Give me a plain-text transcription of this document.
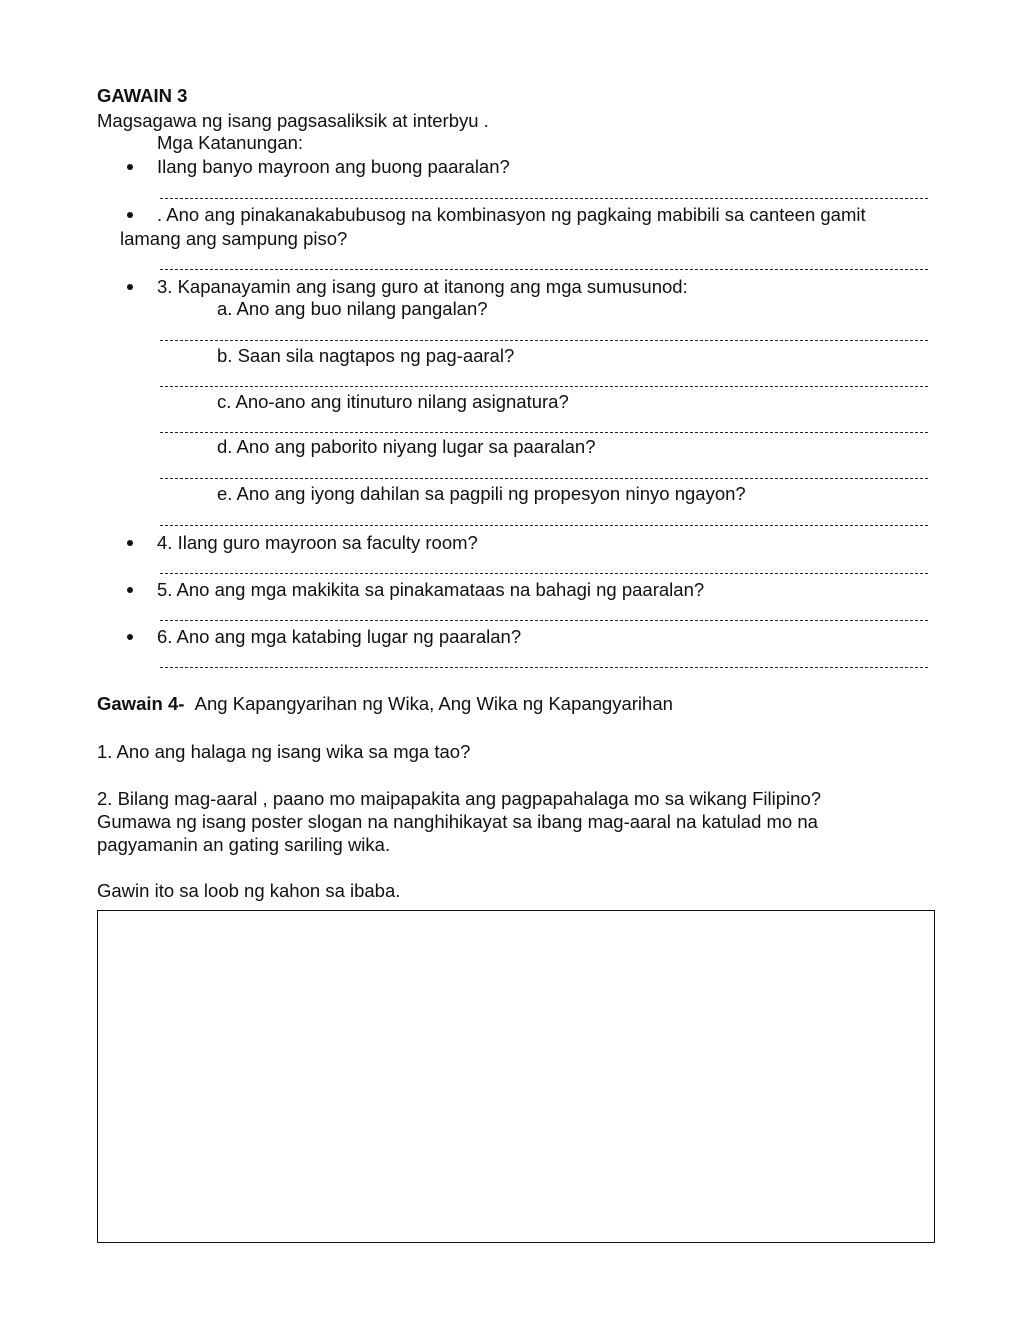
GAWAIN 3
Magsagawa ng isang pagsasaliksik at interbyu .
Mga Katanungan:
Ilang banyo mayroon ang buong paaralan?
. Ano ang pinakanakabubusog na kombinasyon ng pagkaing mabibili sa canteen gamit
lamang ang sampung piso?
3. Kapanayamin ang isang guro at itanong ang mga sumusunod:
a. Ano ang buo nilang pangalan?
b. Saan sila nagtapos ng pag-aaral?
c. Ano-ano ang itinuturo nilang asignatura?
d. Ano ang paborito niyang lugar sa paaralan?
e. Ano ang iyong dahilan sa pagpili ng propesyon ninyo ngayon?
4. Ilang guro mayroon sa faculty room?
5. Ano ang mga makikita sa pinakamataas na bahagi ng paaralan?
6. Ano ang mga katabing lugar ng paaralan?
Gawain 4- Ang Kapangyarihan ng Wika, Ang Wika ng Kapangyarihan
1. Ano ang halaga ng isang wika sa mga tao?
2. Bilang mag-aaral , paano mo maipapakita ang pagpapahalaga mo sa wikang Filipino?
Gumawa ng isang poster slogan na nanghihikayat sa ibang mag-aaral na katulad mo na
pagyamanin an gating sariling wika.
Gawin ito sa loob ng kahon sa ibaba.
